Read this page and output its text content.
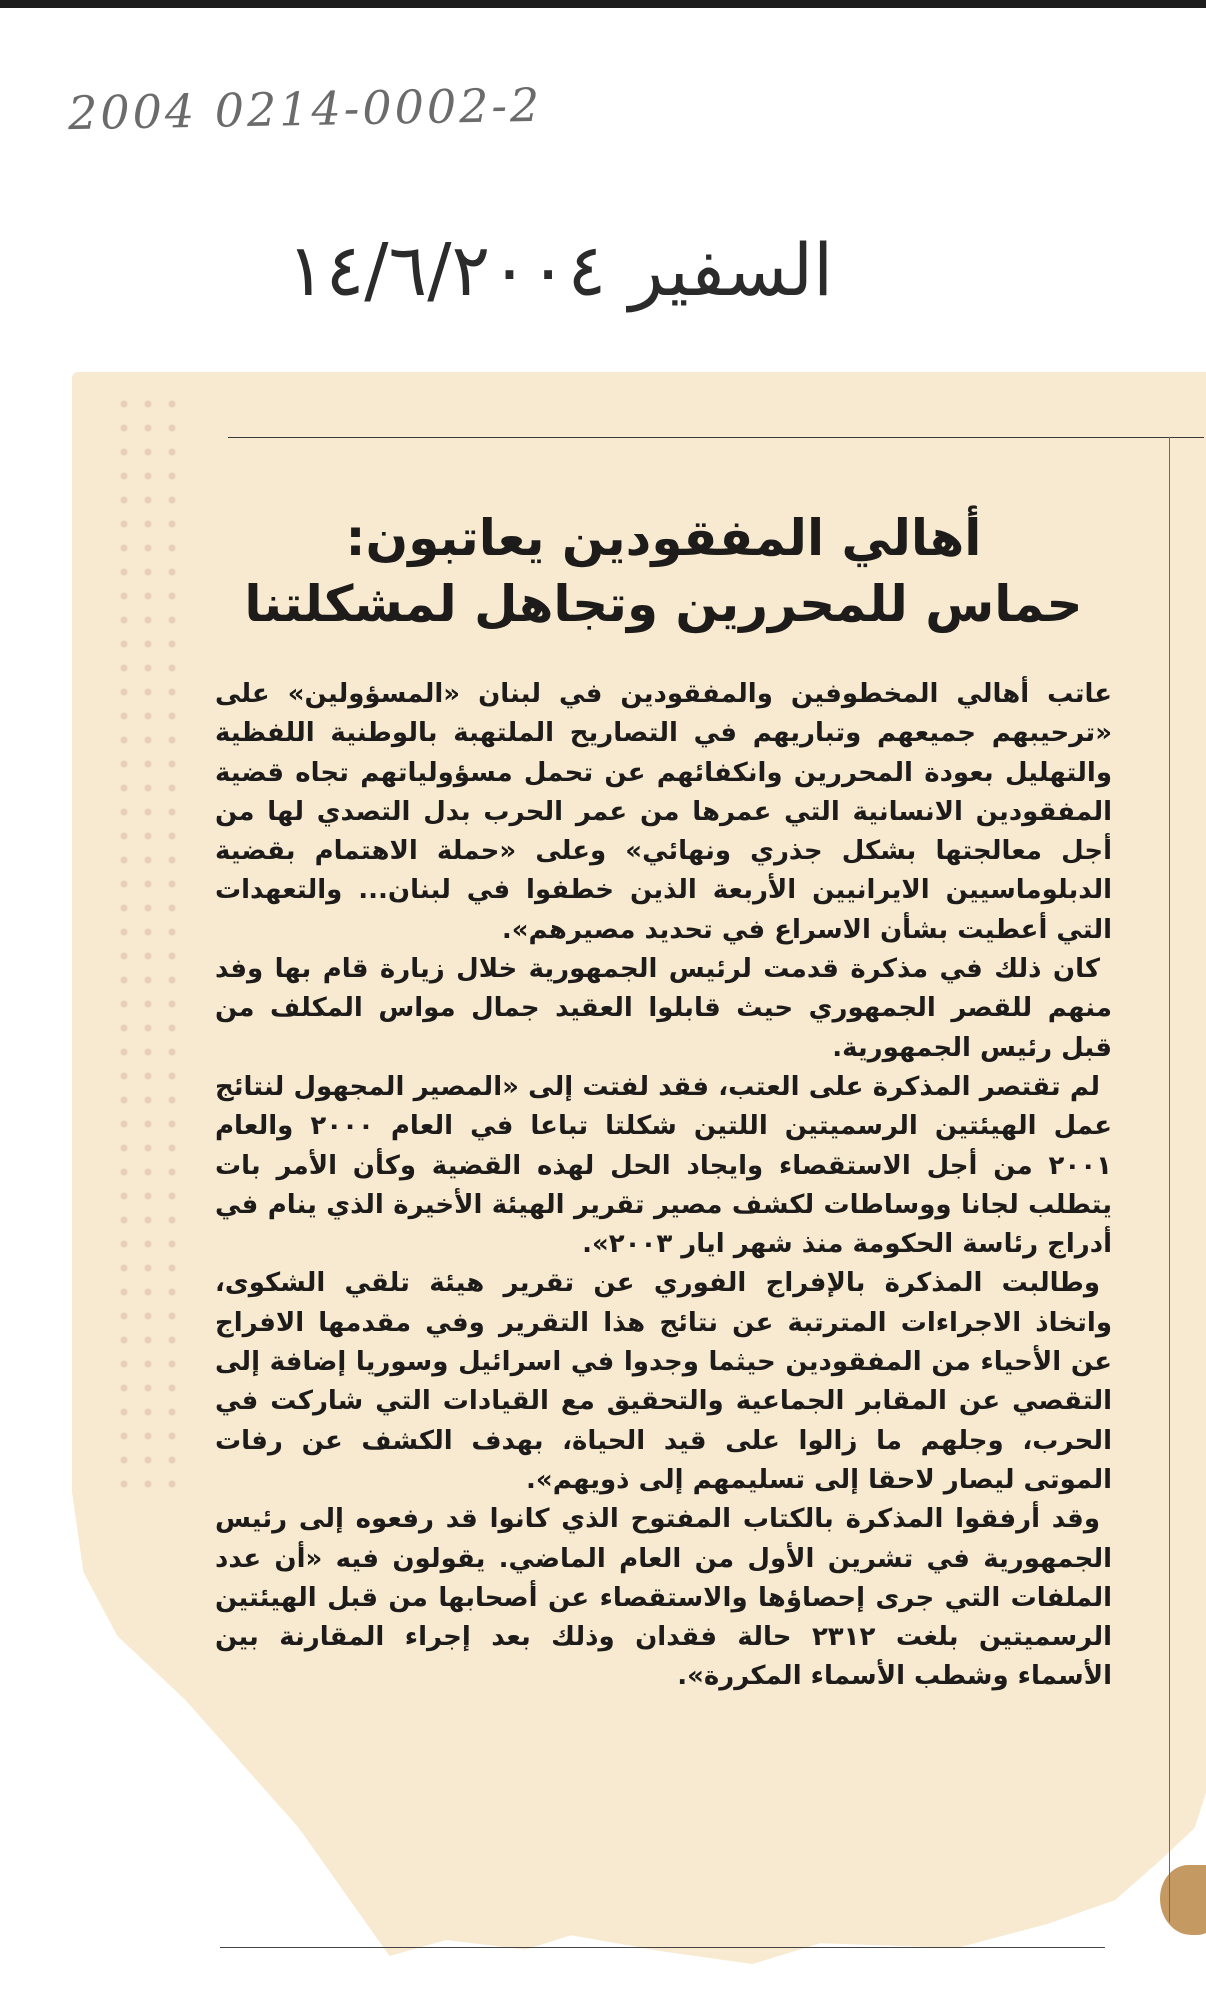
2004 0214-0002-2
السفير ١٤/٦/٢٠٠٤
أهالي المفقودين يعاتبون:
حماس للمحررين وتجاهل لمشكلتنا

عاتب أهالي المخطوفين والمفقودين في لبنان «المسؤولين» على «ترحيبهم جميعهم وتباريهم في التصاريح الملتهبة بالوطنية اللفظية والتهليل بعودة المحررين وانكفائهم عن تحمل مسؤولياتهم تجاه قضية المفقودين الانسانية التي عمرها من عمر الحرب بدل التصدي لها من أجل معالجتها بشكل جذري ونهائي» وعلى «حملة الاهتمام بقضية الدبلوماسيين الايرانيين الأربعة الذين خطفوا في لبنان... والتعهدات التي أعطيت بشأن الاسراع في تحديد مصيرهم».

كان ذلك في مذكرة قدمت لرئيس الجمهورية خلال زيارة قام بها وفد منهم للقصر الجمهوري حيث قابلوا العقيد جمال مواس المكلف من قبل رئيس الجمهورية.

لم تقتصر المذكرة على العتب، فقد لفتت إلى «المصير المجهول لنتائج عمل الهيئتين الرسميتين اللتين شكلتا تباعا في العام ٢٠٠٠ والعام ٢٠٠١ من أجل الاستقصاء وايجاد الحل لهذه القضية وكأن الأمر بات يتطلب لجانا ووساطات لكشف مصير تقرير الهيئة الأخيرة الذي ينام في أدراج رئاسة الحكومة منذ شهر ايار ٢٠٠٣».

وطالبت المذكرة بالإفراج الفوري عن تقرير هيئة تلقي الشكوى، واتخاذ الاجراءات المترتبة عن نتائج هذا التقرير وفي مقدمها الافراج عن الأحياء من المفقودين حيثما وجدوا في اسرائيل وسوريا إضافة إلى التقصي عن المقابر الجماعية والتحقيق مع القيادات التي شاركت في الحرب، وجلهم ما زالوا على قيد الحياة، بهدف الكشف عن رفات الموتى ليصار لاحقا إلى تسليمهم إلى ذويهم».

وقد أرفقوا المذكرة بالكتاب المفتوح الذي كانوا قد رفعوه إلى رئيس الجمهورية في تشرين الأول من العام الماضي. يقولون فيه «أن عدد الملفات التي جرى إحصاؤها والاستقصاء عن أصحابها من قبل الهيئتين الرسميتين بلغت ٢٣١٢ حالة فقدان وذلك بعد إجراء المقارنة بين الأسماء وشطب الأسماء المكررة».
